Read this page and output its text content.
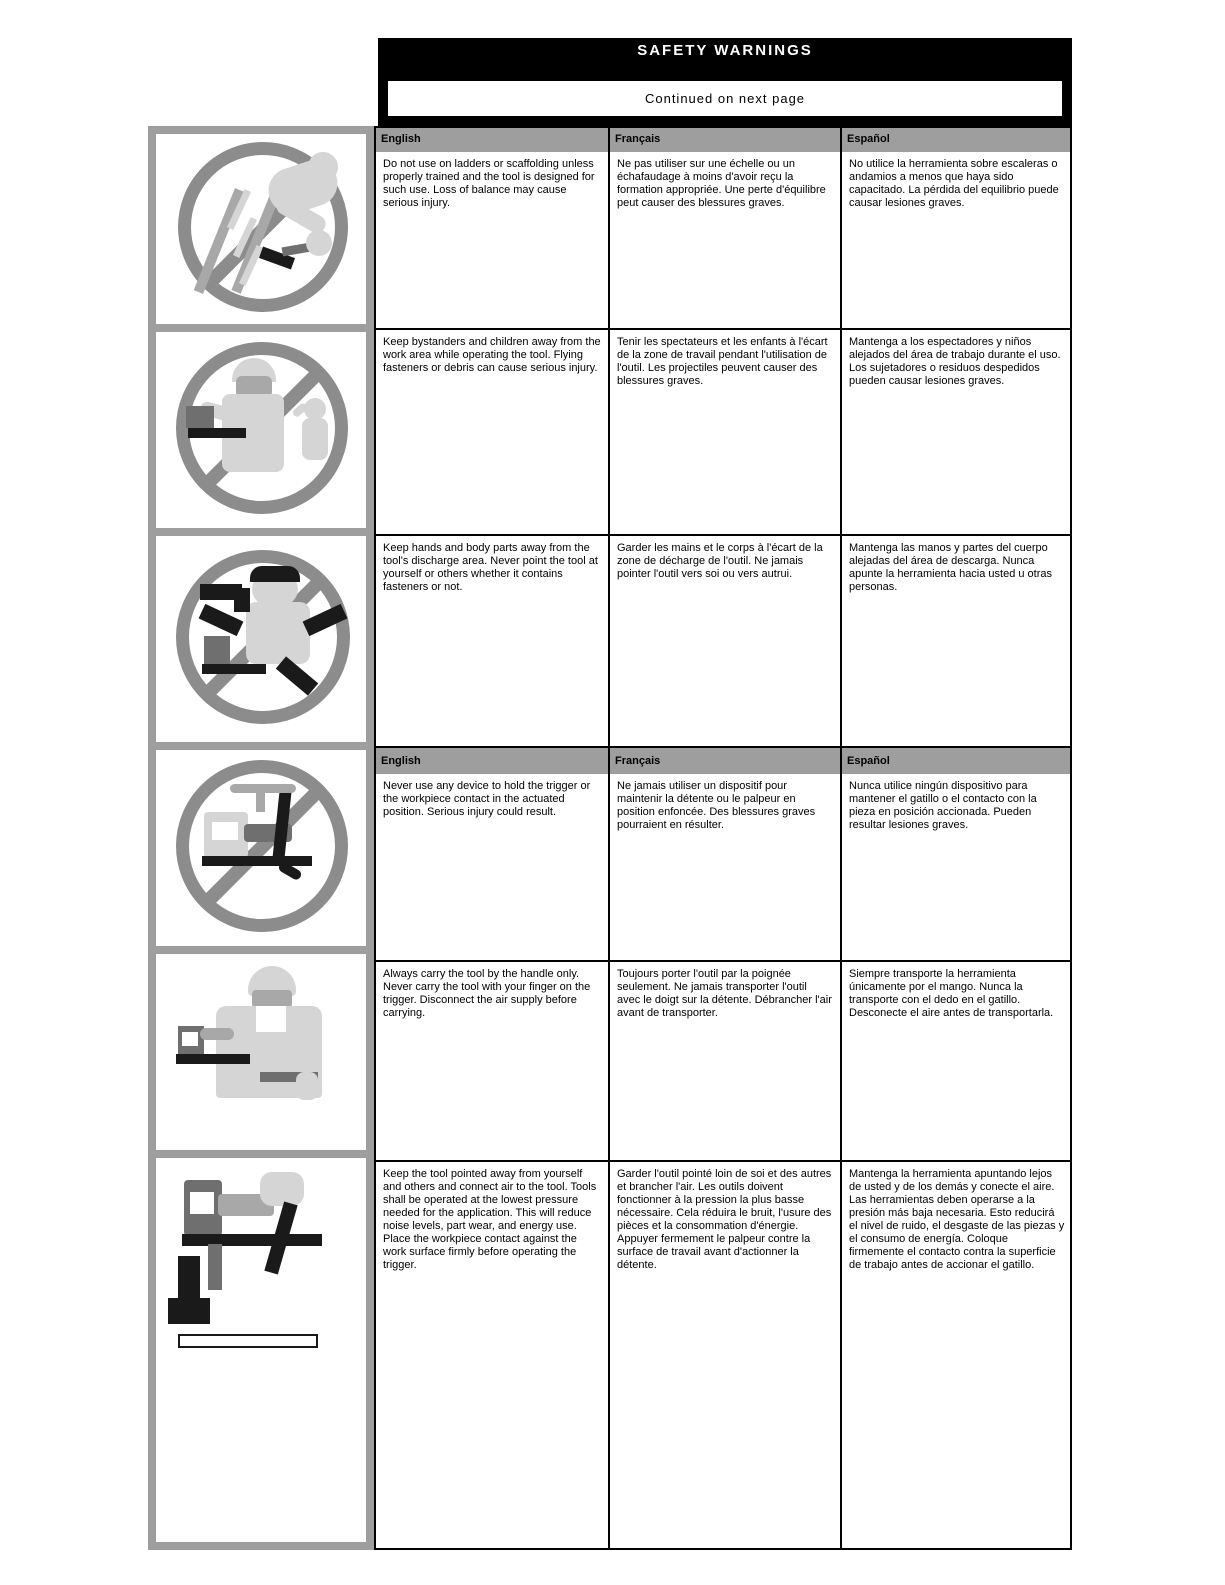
SAFETY WARNINGS
Continued on next page
English	Français	Español
Do not use on ladders or scaffolding unless properly trained and the tool is designed for such use. Loss of balance may cause serious injury.
Ne pas utiliser sur une échelle ou un échafaudage à moins d'avoir reçu la formation appropriée. Une perte d'équilibre peut causer des blessures graves.
No utilice la herramienta sobre escaleras o andamios a menos que haya sido capacitado. La pérdida del equilibrio puede causar lesiones graves.
Keep bystanders and children away from the work area while operating the tool. Flying fasteners or debris can cause serious injury.
Tenir les spectateurs et les enfants à l'écart de la zone de travail pendant l'utilisation de l'outil. Les projectiles peuvent causer des blessures graves.
Mantenga a los espectadores y niños alejados del área de trabajo durante el uso. Los sujetadores o residuos despedidos pueden causar lesiones graves.
Keep hands and body parts away from the tool's discharge area. Never point the tool at yourself or others whether it contains fasteners or not.
Garder les mains et le corps à l'écart de la zone de décharge de l'outil. Ne jamais pointer l'outil vers soi ou vers autrui.
Mantenga las manos y partes del cuerpo alejadas del área de descarga. Nunca apunte la herramienta hacia usted u otras personas.
English	Français	Español
Never use any device to hold the trigger or the workpiece contact in the actuated position. Serious injury could result.
Ne jamais utiliser un dispositif pour maintenir la détente ou le palpeur en position enfoncée. Des blessures graves pourraient en résulter.
Nunca utilice ningún dispositivo para mantener el gatillo o el contacto con la pieza en posición accionada. Pueden resultar lesiones graves.
Always carry the tool by the handle only. Never carry the tool with your finger on the trigger. Disconnect the air supply before carrying.
Toujours porter l'outil par la poignée seulement. Ne jamais transporter l'outil avec le doigt sur la détente. Débrancher l'air avant de transporter.
Siempre transporte la herramienta únicamente por el mango. Nunca la transporte con el dedo en el gatillo. Desconecte el aire antes de transportarla.
Keep the tool pointed away from yourself and others and connect air to the tool. Tools shall be operated at the lowest pressure needed for the application. This will reduce noise levels, part wear, and energy use. Place the workpiece contact against the work surface firmly before operating the trigger.
Garder l'outil pointé loin de soi et des autres et brancher l'air. Les outils doivent fonctionner à la pression la plus basse nécessaire. Cela réduira le bruit, l'usure des pièces et la consommation d'énergie. Appuyer fermement le palpeur contre la surface de travail avant d'actionner la détente.
Mantenga la herramienta apuntando lejos de usted y de los demás y conecte el aire. Las herramientas deben operarse a la presión más baja necesaria. Esto reducirá el nivel de ruido, el desgaste de las piezas y el consumo de energía. Coloque firmemente el contacto contra la superficie de trabajo antes de accionar el gatillo.
